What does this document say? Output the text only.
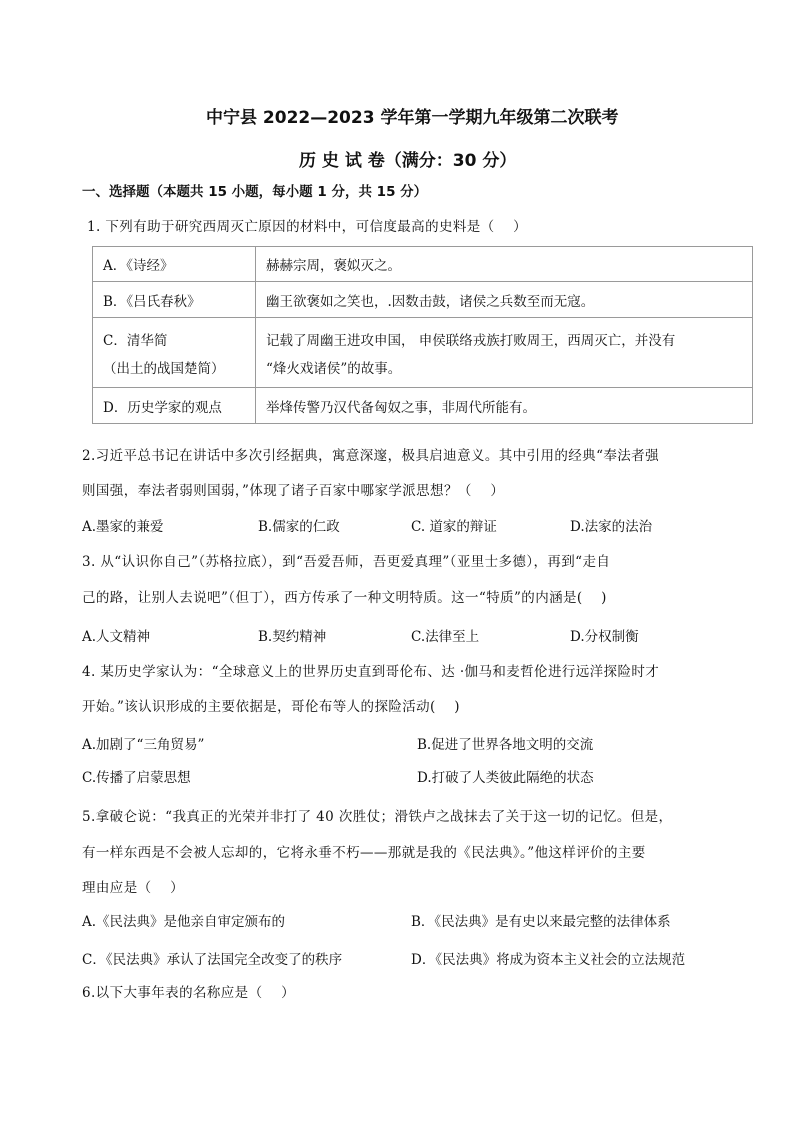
中宁县 2022—2023 学年第一学期九年级第二次联考
历 史 试 卷（满分：30 分）
一、选择题（本题共 15 小题，每小题 1 分，共 15 分）
1. 下列有助于研究西周灭亡原因的材料中，可信度最高的史料是（　 ）
A．《诗经》	赫赫宗周，褒姒灭之。
B．《吕氏春秋》	幽王欲褒如之笑也，.因数击鼓，诸侯之兵数至而无寇。
C．清华简
（出土的战国楚简）	记载了周幽王进攻申国， 申侯联络戎族打败周王，西周灭亡，并没有
“烽火戏诸侯”的故事。

D．历史学家的观点	举烽传警乃汉代备匈奴之事，非周代所能有。
2.习近平总书记在讲话中多次引经据典，寓意深邃，极具启迪意义。其中引用的经典“奉法者强
则国强，奉法者弱则国弱，”体现了诸子百家中哪家学派思想？（　 ）
A.墨家的兼爱	B.儒家的仁政	C. 道家的辩证	D.法家的法治
3. 从“认识你自己”（苏格拉底），到“吾爱吾师，吾更爱真理”（亚里士多德），再到“走自
己的路，让别人去说吧”（但丁），西方传承了一种文明特质。这一“特质”的内涵是(　 )
A.人文精神	B.契约精神	C.法律至上	D.分权制衡
4. 某历史学家认为：“全球意义上的世界历史直到哥伦布、达 ·伽马和麦哲伦进行远洋探险时才
开始。”该认识形成的主要依据是，哥伦布等人的探险活动(　 )
A.加剧了“三角贸易”	B.促进了世界各地文明的交流
C.传播了启蒙思想	D.打破了人类彼此隔绝的状态
5.拿破仑说：“我真正的光荣并非打了 40 次胜仗；滑铁卢之战抹去了关于这一切的记忆。但是，
有一样东西是不会被人忘却的，它将永垂不朽——那就是我的《民法典》。”他这样评价的主要
理由应是（　 ）
A.《民法典》是他亲自审定颁布的	B．《民法典》是有史以来最完整的法律体系
C．《民法典》承认了法国完全改变了的秩序	D．《民法典》将成为资本主义社会的立法规范
6.以下大事年表的名称应是（　 ）
